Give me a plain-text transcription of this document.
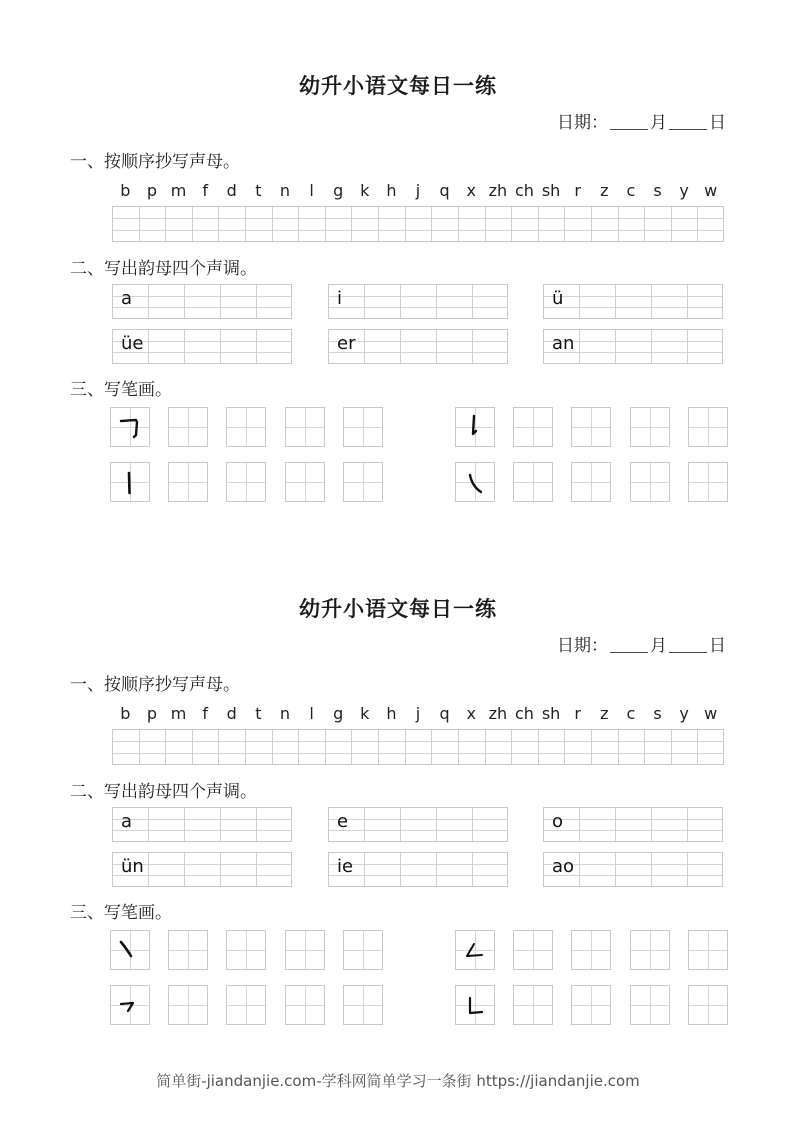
幼升小语文每日一练
日期： 月 日
一、按顺序抄写声母。
b	p m	f	d	t	n	l	g	k	h	j	q	x zh ch sh r	z	c	s	y w
二、写出韵母四个声调。
a	i	ü
üe	er	an
三、写笔画。
幼升小语文每日一练
日期： 月 日
一、按顺序抄写声母。
b	p m	f	d	t	n	l	g	k	h	j	q	x zh ch sh r	z	c	s	y w
二、写出韵母四个声调。
a	e	o
ün	ie	ao
三、写笔画。
简单街-jiandanjie.com-学科网简单学习一条街 https://jiandanjie.com
